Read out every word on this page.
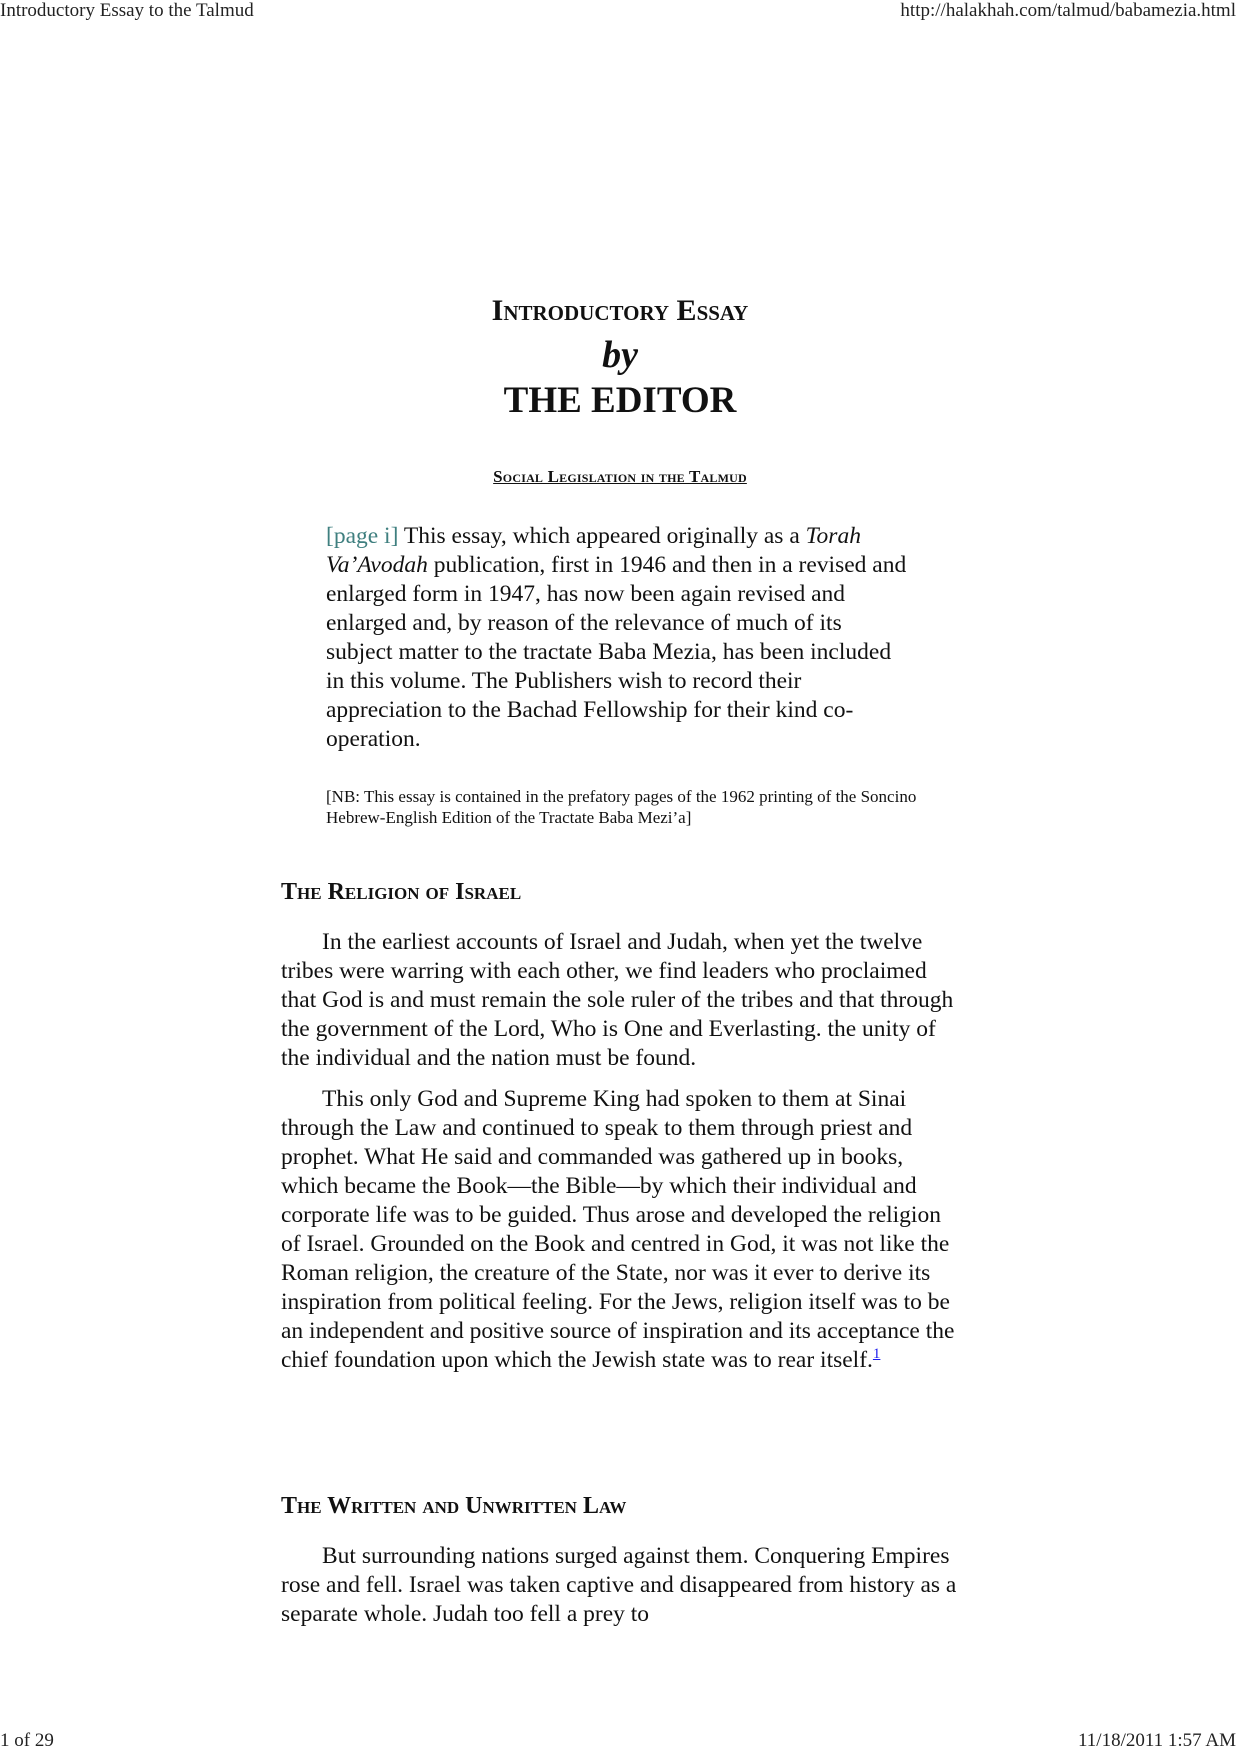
Introductory Essay to the Talmud	http://halakhah.com/talmud/babamezia.html
Introductory Essay
by
THE EDITOR
Social Legislation in the Talmud
[page i] This essay, which appeared originally as a Torah Va’Avodah publication, first in 1946 and then in a revised and enlarged form in 1947, has now been again revised and enlarged and, by reason of the relevance of much of its subject matter to the tractate Baba Mezia, has been included in this volume. The Publishers wish to record their appreciation to the Bachad Fellowship for their kind co-operation.
[NB: This essay is contained in the prefatory pages of the 1962 printing of the Soncino Hebrew-English Edition of the Tractate Baba Mezi’a]
The Religion of Israel

In the earliest accounts of Israel and Judah, when yet the twelve tribes were warring with each other, we find leaders who proclaimed that God is and must remain the sole ruler of the tribes and that through the government of the Lord, Who is One and Everlasting. the unity of the individual and the nation must be found.

This only God and Supreme King had spoken to them at Sinai through the Law and continued to speak to them through priest and prophet. What He said and commanded was gathered up in books, which became the Book—the Bible—by which their individual and corporate life was to be guided. Thus arose and developed the religion of Israel. Grounded on the Book and centred in God, it was not like the Roman religion, the creature of the State, nor was it ever to derive its inspiration from political feeling. For the Jews, religion itself was to be an independent and positive source of inspiration and its acceptance the chief foundation upon which the Jewish state was to rear itself.$^1$

The Written and Unwritten Law

But surrounding nations surged against them. Conquering Empires rose and fell. Israel was taken captive and disappeared from history as a separate whole. Judah too fell a prey to

1 of 29	11/18/2011 1:57 AM
